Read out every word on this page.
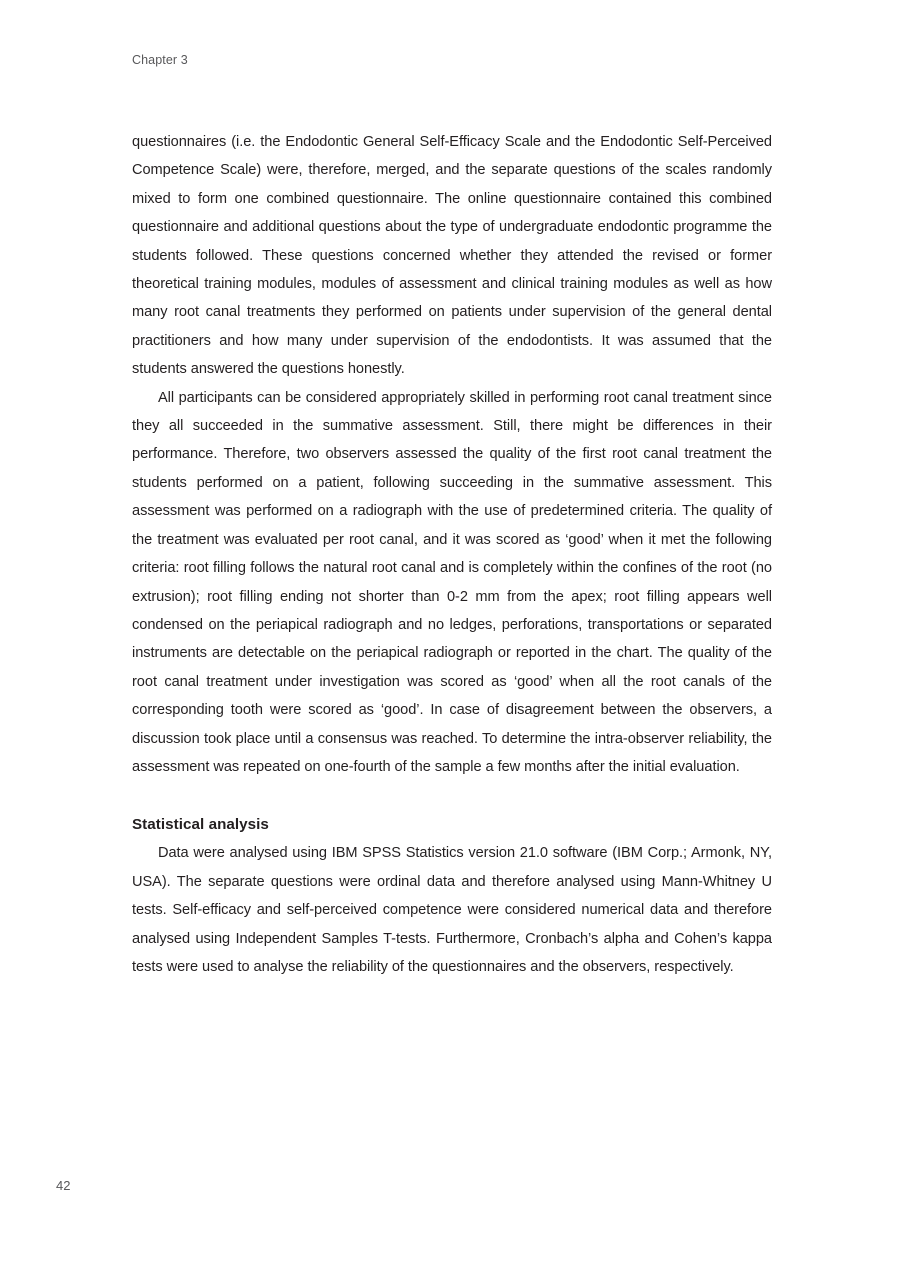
Chapter 3

questionnaires (i.e. the Endodontic General Self-Efficacy Scale and the Endodontic Self-Perceived Competence Scale) were, therefore, merged, and the separate questions of the scales randomly mixed to form one combined questionnaire. The online questionnaire contained this combined questionnaire and additional questions about the type of undergraduate endodontic programme the students followed. These questions concerned whether they attended the revised or former theoretical training modules, modules of assessment and clinical training modules as well as how many root canal treatments they performed on patients under supervision of the general dental practitioners and how many under supervision of the endodontists. It was assumed that the students answered the questions honestly.

All participants can be considered appropriately skilled in performing root canal treatment since they all succeeded in the summative assessment. Still, there might be differences in their performance. Therefore, two observers assessed the quality of the first root canal treatment the students performed on a patient, following succeeding in the summative assessment. This assessment was performed on a radiograph with the use of predetermined criteria. The quality of the treatment was evaluated per root canal, and it was scored as ‘good’ when it met the following criteria: root filling follows the natural root canal and is completely within the confines of the root (no extrusion); root filling ending not shorter than 0-2 mm from the apex; root filling appears well condensed on the periapical radiograph and no ledges, perforations, transportations or separated instruments are detectable on the periapical radiograph or reported in the chart. The quality of the root canal treatment under investigation was scored as ‘good’ when all the root canals of the corresponding tooth were scored as ‘good’. In case of disagreement between the observers, a discussion took place until a consensus was reached. To determine the intra-observer reliability, the assessment was repeated on one-fourth of the sample a few months after the initial evaluation.

Statistical analysis

Data were analysed using IBM SPSS Statistics version 21.0 software (IBM Corp.; Armonk, NY, USA). The separate questions were ordinal data and therefore analysed using Mann-Whitney U tests. Self-efficacy and self-perceived competence were considered numerical data and therefore analysed using Independent Samples T-tests. Furthermore, Cronbach’s alpha and Cohen’s kappa tests were used to analyse the reliability of the questionnaires and the observers, respectively.

42
